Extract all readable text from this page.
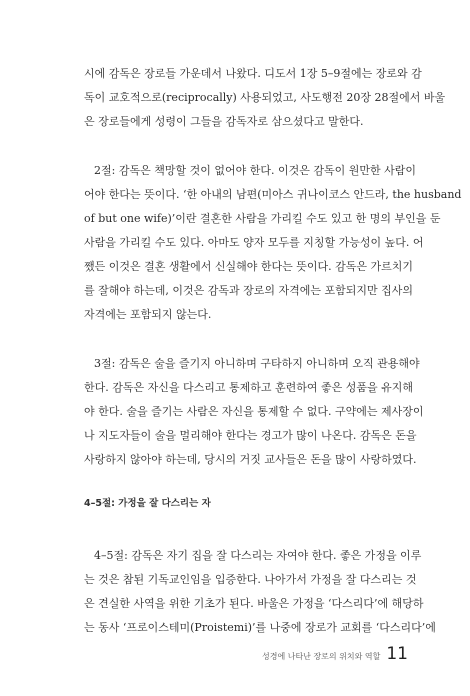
시에 감독은 장로들 가운데서 나왔다. 디도서 1장 5–9절에는 장로와 감
독이 교호적으로(reciprocally) 사용되었고, 사도행전 20장 28절에서 바울
은 장로들에게 성령이 그들을 감독자로 삼으셨다고 말한다.
2절: 감독은 책망할 것이 없어야 한다. 이것은 감독이 원만한 사람이
어야 한다는 뜻이다. ‘한 아내의 남편(미아스 귀나이코스 안드라, the husband
of but one wife)’이란 결혼한 사람을 가리킬 수도 있고 한 명의 부인을 둔
사람을 가리킬 수도 있다. 아마도 양자 모두를 지칭할 가능성이 높다. 어
쨌든 이것은 결혼 생활에서 신실해야 한다는 뜻이다. 감독은 가르치기
를 잘해야 하는데, 이것은 감독과 장로의 자격에는 포함되지만 집사의
자격에는 포함되지 않는다.
3절: 감독은 술을 즐기지 아니하며 구타하지 아니하며 오직 관용해야
한다. 감독은 자신을 다스리고 통제하고 훈련하여 좋은 성품을 유지해
야 한다. 술을 즐기는 사람은 자신을 통제할 수 없다. 구약에는 제사장이
나 지도자들이 술을 멀리해야 한다는 경고가 많이 나온다. 감독은 돈을
사랑하지 않아야 하는데, 당시의 거짓 교사들은 돈을 많이 사랑하였다.

4–5절: 가정을 잘 다스리는 자

4–5절: 감독은 자기 집을 잘 다스리는 자여야 한다. 좋은 가정을 이루
는 것은 참된 기독교인임을 입증한다. 나아가서 가정을 잘 다스리는 것
은 견실한 사역을 위한 기초가 된다. 바울은 가정을 ‘다스리다’에 해당하
는 동사 ‘프로이스테미(Proistemi)’를 나중에 장로가 교회를 ‘다스리다’에
성경에 나타난 장로의 위치와 역할 11
